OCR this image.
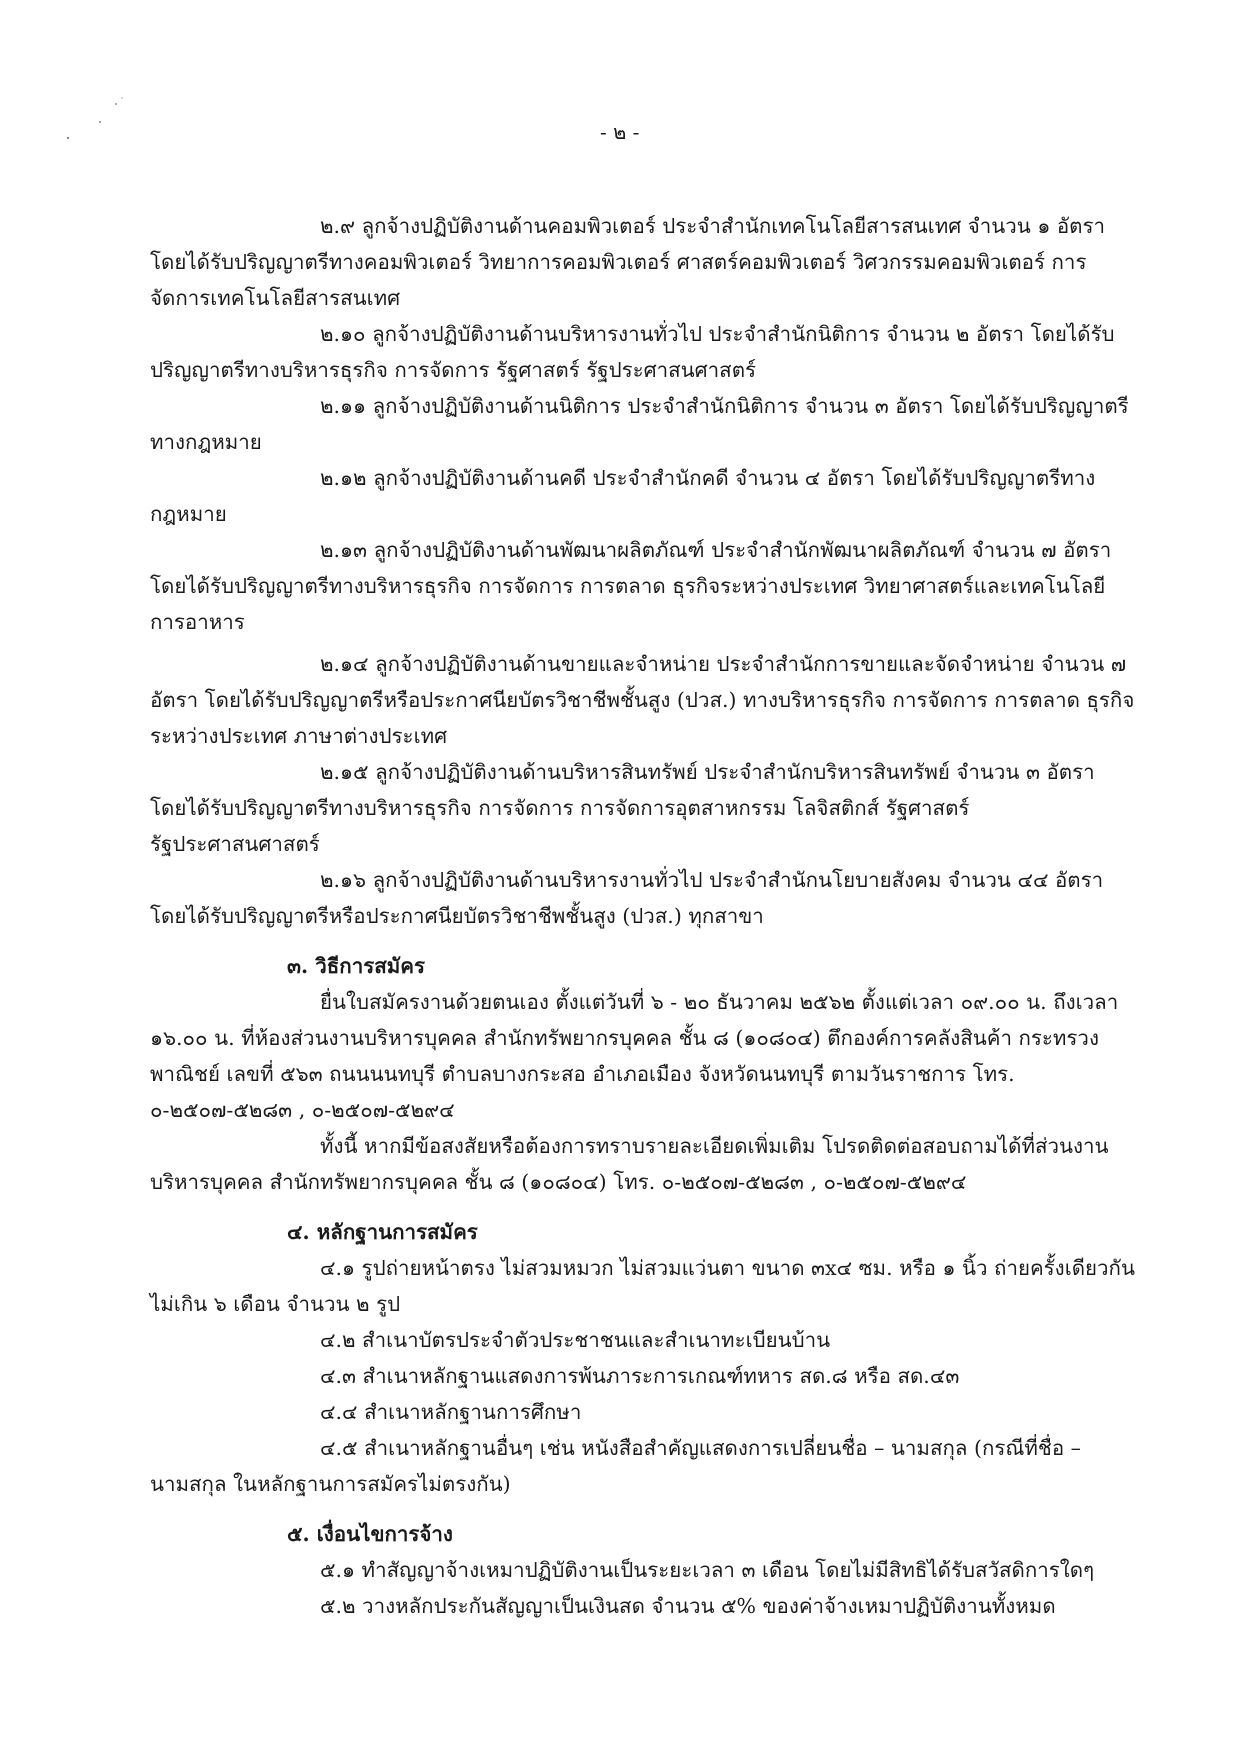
- ๒ -

๒.๙ ลูกจ้างปฏิบัติงานด้านคอมพิวเตอร์ ประจำสำนักเทคโนโลยีสารสนเทศ จำนวน ๑ อัตรา โดยได้รับปริญญาตรีทางคอมพิวเตอร์ วิทยาการคอมพิวเตอร์ ศาสตร์คอมพิวเตอร์ วิศวกรรมคอมพิวเตอร์ การจัดการเทคโนโลยีสารสนเทศ

๒.๑๐ ลูกจ้างปฏิบัติงานด้านบริหารงานทั่วไป ประจำสำนักนิติการ จำนวน ๒ อัตรา โดยได้รับปริญญาตรีทางบริหารธุรกิจ การจัดการ รัฐศาสตร์ รัฐประศาสนศาสตร์

๒.๑๑ ลูกจ้างปฏิบัติงานด้านนิติการ ประจำสำนักนิติการ จำนวน ๓ อัตรา โดยได้รับปริญญาตรีทางกฎหมาย

๒.๑๒ ลูกจ้างปฏิบัติงานด้านคดี ประจำสำนักคดี จำนวน ๔ อัตรา โดยได้รับปริญญาตรีทางกฎหมาย

๒.๑๓ ลูกจ้างปฏิบัติงานด้านพัฒนาผลิตภัณฑ์ ประจำสำนักพัฒนาผลิตภัณฑ์ จำนวน ๗ อัตรา โดยได้รับปริญญาตรีทางบริหารธุรกิจ การจัดการ การตลาด ธุรกิจระหว่างประเทศ วิทยาศาสตร์และเทคโนโลยีการอาหาร

๒.๑๔ ลูกจ้างปฏิบัติงานด้านขายและจำหน่าย ประจำสำนักการขายและจัดจำหน่าย จำนวน ๗ อัตรา โดยได้รับปริญญาตรีหรือประกาศนียบัตรวิชาชีพชั้นสูง (ปวส.) ทางบริหารธุรกิจ การจัดการ การตลาด ธุรกิจระหว่างประเทศ ภาษาต่างประเทศ

๒.๑๕ ลูกจ้างปฏิบัติงานด้านบริหารสินทรัพย์ ประจำสำนักบริหารสินทรัพย์ จำนวน ๓ อัตรา โดยได้รับปริญญาตรีทางบริหารธุรกิจ การจัดการ การจัดการอุตสาหกรรม โลจิสติกส์ รัฐศาสตร์ รัฐประศาสนศาสตร์

๒.๑๖ ลูกจ้างปฏิบัติงานด้านบริหารงานทั่วไป ประจำสำนักนโยบายสังคม จำนวน ๔๔ อัตรา โดยได้รับปริญญาตรีหรือประกาศนียบัตรวิชาชีพชั้นสูง (ปวส.) ทุกสาขา

๓. วิธีการสมัคร

ยื่นใบสมัครงานด้วยตนเอง ตั้งแต่วันที่ ๖ - ๒๐ ธันวาคม ๒๕๖๒ ตั้งแต่เวลา ๐๙.๐๐ น. ถึงเวลา ๑๖.๐๐ น. ที่ห้องส่วนงานบริหารบุคคล สำนักทรัพยากรบุคคล ชั้น ๘ (๑๐๘๐๔) ตึกองค์การคลังสินค้า กระทรวงพาณิชย์ เลขที่ ๕๖๓ ถนนนนทบุรี ตำบลบางกระสอ อำเภอเมือง จังหวัดนนทบุรี ตามวันราชการ โทร. ๐-๒๕๐๗-๕๒๘๓ , ๐-๒๕๐๗-๕๒๙๔

ทั้งนี้ หากมีข้อสงสัยหรือต้องการทราบรายละเอียดเพิ่มเติม โปรดติดต่อสอบถามได้ที่ส่วนงานบริหารบุคคล สำนักทรัพยากรบุคคล ชั้น ๘ (๑๐๘๐๔) โทร. ๐-๒๕๐๗-๕๒๘๓ , ๐-๒๕๐๗-๕๒๙๔

๔. หลักฐานการสมัคร

๔.๑ รูปถ่ายหน้าตรง ไม่สวมหมวก ไม่สวมแว่นตา ขนาด ๓x๔ ซม. หรือ ๑ นิ้ว ถ่ายครั้งเดียวกัน ไม่เกิน ๖ เดือน จำนวน ๒ รูป

๔.๒ สำเนาบัตรประจำตัวประชาชนและสำเนาทะเบียนบ้าน

๔.๓ สำเนาหลักฐานแสดงการพ้นภาระการเกณฑ์ทหาร สด.๘ หรือ สด.๔๓

๔.๔ สำเนาหลักฐานการศึกษา

๔.๕ สำเนาหลักฐานอื่นๆ เช่น หนังสือสำคัญแสดงการเปลี่ยนชื่อ – นามสกุล (กรณีที่ชื่อ – นามสกุล ในหลักฐานการสมัครไม่ตรงกัน)

๕. เงื่อนไขการจ้าง

๕.๑ ทำสัญญาจ้างเหมาปฏิบัติงานเป็นระยะเวลา ๓ เดือน โดยไม่มีสิทธิได้รับสวัสดิการใดๆ

๕.๒ วางหลักประกันสัญญาเป็นเงินสด จำนวน ๕% ของค่าจ้างเหมาปฏิบัติงานทั้งหมด
